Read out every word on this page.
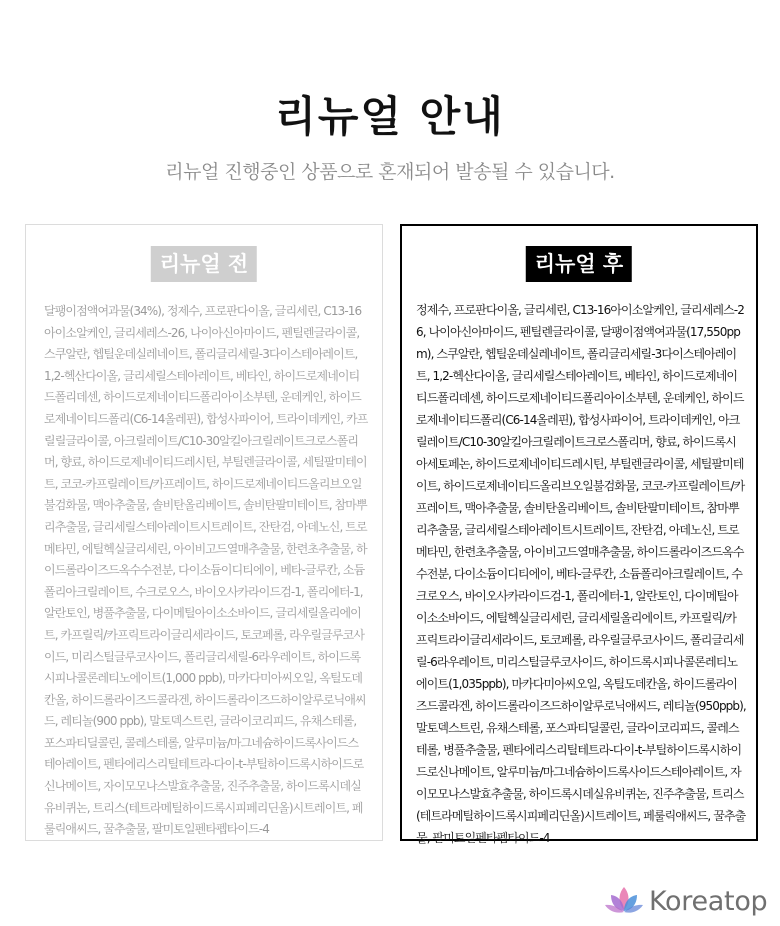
리뉴얼 안내
리뉴얼 진행중인 상품으로 혼재되어 발송될 수 있습니다.
리뉴얼 전

달팽이점액여과물(34%), 정제수, 프로판다이올, 글리세린, C13-16아이소알케인, 글리세레스-26, 나이아신아마이드, 펜틸렌글라이콜, 스쿠알란, 헵틸운데실레네이트, 폴리글리세릴-3다이스테아레이트, 1,2-헥산다이올, 글리세릴스테아레이트, 베타인, 하이드로제네이티드폴리데센, 하이드로제네이티드폴리아이소부텐, 운데케인, 하이드로제네이티드폴리(C6-14올레핀), 합성사파이어, 트라이데케인, 카프릴릴글라이콜, 아크릴레이트/C10-30알킬아크릴레이트크로스폴리머, 향료, 하이드로제네이티드레시틴, 부틸렌글라이콜, 세틸팔미테이트, 코코-카프릴레이트/카프레이트, 하이드로제네이티드올리브오일불검화물, 맥아추출물, 솔비탄올리베이트, 솔비탄팔미테이트, 참마뿌리추출물, 글리세릴스테아레이트시트레이트, 잔탄검, 아데노신, 트로메타민, 에틸헥실글리세린, 아이비고드열매추출물, 한련초추출물, 하이드롤라이즈드옥수수전분, 다이소듐이디티에이, 베타-글루칸, 소듐폴리아크릴레이트, 수크로오스, 바이오사카라이드검-1, 폴리에터-1, 알란토인, 병풀추출물, 다이메틸아이소소바이드, 글리세릴올리에이트, 카프릴릭/카프릭트라이글리세라이드, 토코페롤, 라우릴글루코사이드, 미리스틸글루코사이드, 폴리글리세릴-6라우레이트, 하이드록시피나콜론레티노에이트(1,000 ppb), 마카다미아씨오일, 옥틸도데칸올, 하이드롤라이즈드콜라겐, 하이드롤라이즈드하이알루로닉애씨드, 레티놀(900 ppb), 말토덱스트린, 글라이코리피드, 유채스테롤, 포스파티딜콜린, 콜레스테롤, 알루미늄/마그네슘하이드록사이드스테아레이트, 펜타에리스리틸테트라-다이-t-부틸하이드록시하이드로신나메이트, 자이모모나스발효추출물, 진주추출물, 하이드록시데실유비퀴논, 트리스(테트라메틸하이드록시피페리딘올)시트레이트, 페룰릭애씨드, 꿀추출물, 팔미토일펜타펩타이드-4

리뉴얼 후

정제수, 프로판다이올, 글리세린, C13-16아이소알케인, 글리세레스-26, 나이아신아마이드, 펜틸렌글라이콜, 달팽이점액여과물(17,550ppm), 스쿠알란, 헵틸운데실레네이트, 폴리글리세릴-3다이스테아레이트, 1,2-헥산다이올, 글리세릴스테아레이트, 베타인, 하이드로제네이티드폴리데센, 하이드로제네이티드폴리아이소부텐, 운데케인, 하이드로제네이티드폴리(C6-14올레핀), 합성사파이어, 트라이데케인, 아크릴레이트/C10-30알킬아크릴레이트크로스폴리머, 향료, 하이드록시아세토페논, 하이드로제네이티드레시틴, 부틸렌글라이콜, 세틸팔미테이트, 하이드로제네이티드올리브오일불검화물, 코코-카프릴레이트/카프레이트, 맥아추출물, 솔비탄올리베이트, 솔비탄팔미테이트, 참마뿌리추출물, 글리세릴스테아레이트시트레이트, 잔탄검, 아데노신, 트로메타민, 한련초추출물, 아이비고드열매추출물, 하이드롤라이즈드옥수수전분, 다이소듐이디티에이, 베타-글루칸, 소듐폴리아크릴레이트, 수크로오스, 바이오사카라이드검-1, 폴리에터-1, 알란토인, 다이메틸아이소소바이드, 에틸헥실글리세린, 글리세릴올리에이트, 카프릴릭/카프릭트라이글리세라이드, 토코페롤, 라우릴글루코사이드, 폴리글리세릴-6라우레이트, 미리스틸글루코사이드, 하이드록시피나콜론레티노에이트(1,035ppb), 마카다미아씨오일, 옥틸도데칸올, 하이드롤라이즈드콜라겐, 하이드롤라이즈드하이알루로닉애씨드, 레티놀(950ppb), 말토덱스트린, 유채스테롤, 포스파티딜콜린, 글라이코리피드, 콜레스테롤, 병풀추출물, 펜타에리스리틸테트라-다이-t-부틸하이드록시하이드로신나메이트, 알루미늄/마그네슘하이드록사이드스테아레이트, 자이모모나스발효추출물, 하이드록시데실유비퀴논, 진주추출물, 트리스(테트라메틸하이드록시피페리딘올)시트레이트, 페룰릭애씨드, 꿀추출물, 팔미토일펜타펩타이드-4

Koreatop
